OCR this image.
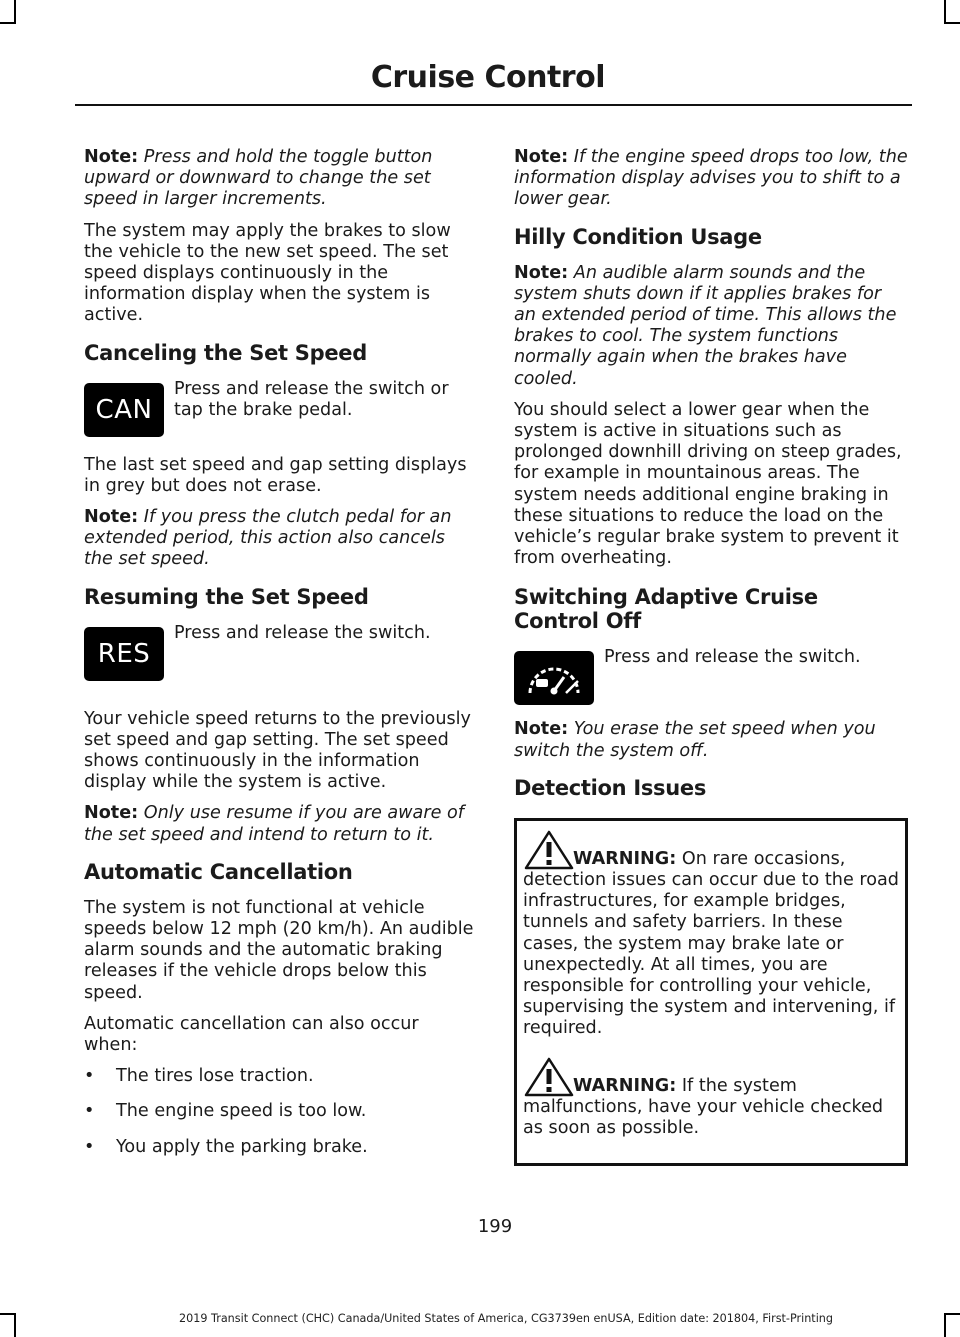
Cruise Control

Note: Press and hold the toggle button upward or downward to change the set speed in larger increments.

The system may apply the brakes to slow the vehicle to the new set speed. The set speed displays continuously in the information display when the system is active.

Canceling the Set Speed
CAN

Press and release the switch or tap the brake pedal.

The last set speed and gap setting displays in grey but does not erase.

Note: If you press the clutch pedal for an extended period, this action also cancels the set speed.

Resuming the Set Speed
RES

Press and release the switch.

Your vehicle speed returns to the previously set speed and gap setting. The set speed shows continuously in the information display while the system is active.

Note: Only use resume if you are aware of the set speed and intend to return to it.

Automatic Cancellation

The system is not functional at vehicle speeds below 12 mph (20 km/h). An audible alarm sounds and the automatic braking releases if the vehicle drops below this speed.

Automatic cancellation can also occur when:

• The tires lose traction.
• The engine speed is too low.
• You apply the parking brake.

Note: If the engine speed drops too low, the information display advises you to shift to a lower gear.

Hilly Condition Usage

Note: An audible alarm sounds and the system shuts down if it applies brakes for an extended period of time. This allows the brakes to cool. The system functions normally again when the brakes have cooled.

You should select a lower gear when the system is active in situations such as prolonged downhill driving on steep grades, for example in mountainous areas. The system needs additional engine braking in these situations to reduce the load on the vehicle’s regular brake system to prevent it from overheating.

Switching Adaptive Cruise Control Off

Press and release the switch.

Note: You erase the set speed when you switch the system off.

Detection Issues
WARNING: On rare occasions, detection issues can occur due to the road infrastructures, for example bridges, tunnels and safety barriers. In these cases, the system may brake late or unexpectedly. At all times, you are responsible for controlling your vehicle, supervising the system and intervening, if required.
WARNING: If the system malfunctions, have your vehicle checked as soon as possible.
199
2019 Transit Connect (CHC) Canada/United States of America, CG3739en enUSA, Edition date: 201804, First-Printing
